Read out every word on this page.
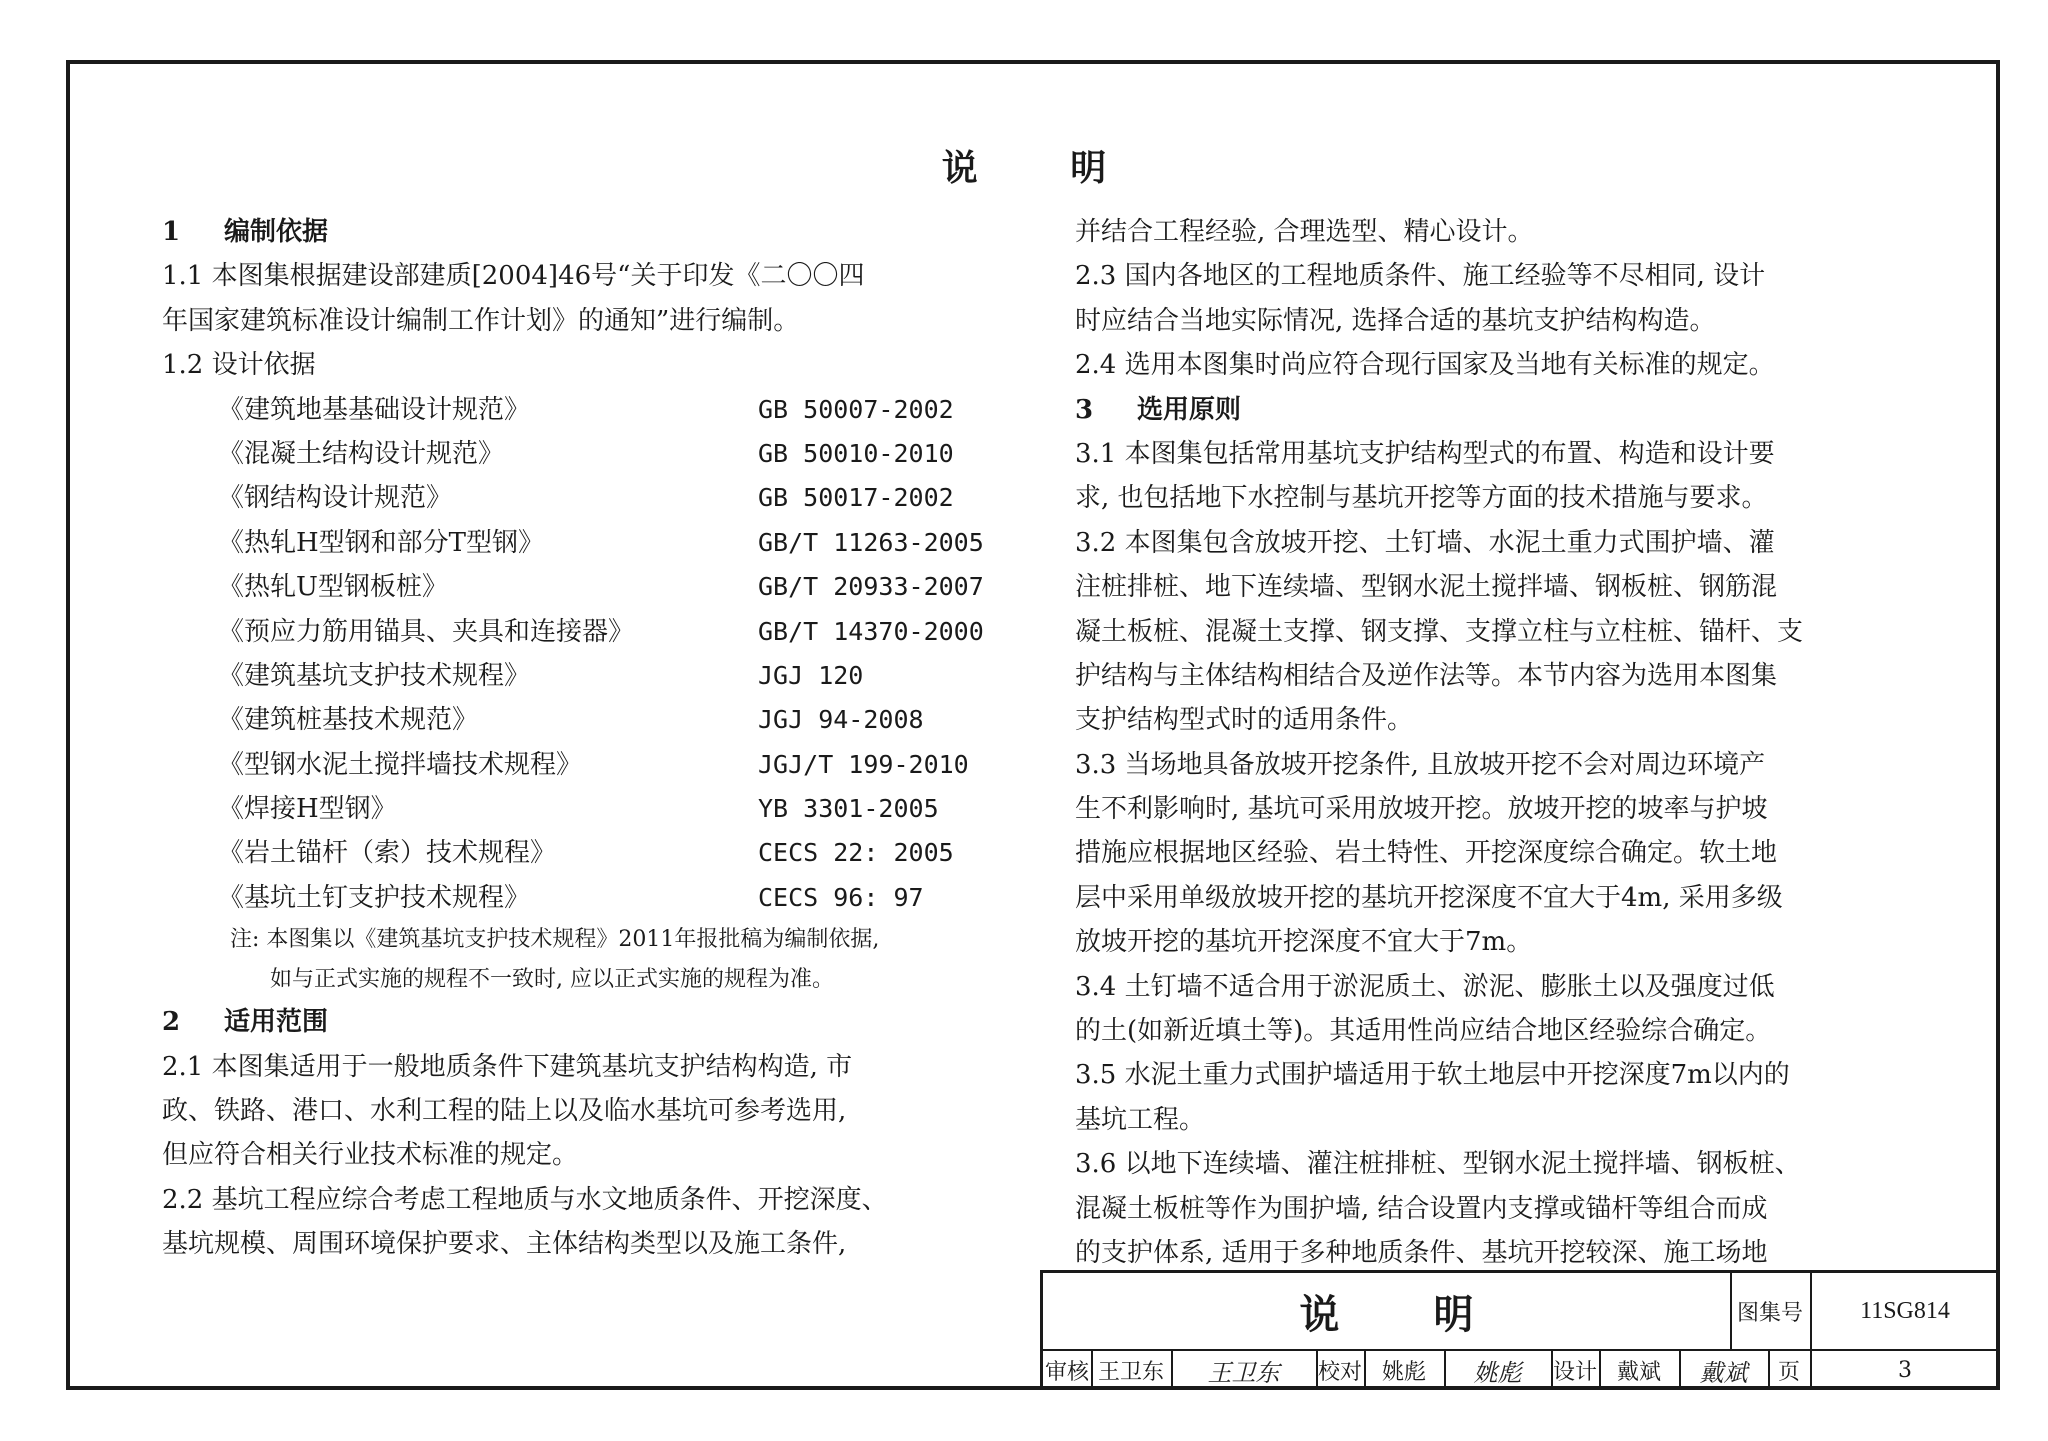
说 明
1 编制依据
1.1 本图集根据建设部建质[2004]46号“关于印发《二〇〇四
年国家建筑标准设计编制工作计划》的通知”进行编制。
1.2 设计依据
《建筑地基基础设计规范》	GB 50007-2002
《混凝土结构设计规范》	GB 50010-2010
《钢结构设计规范》	GB 50017-2002
《热轧H型钢和部分T型钢》	GB/T 11263-2005
《热轧U型钢板桩》	GB/T 20933-2007
《预应力筋用锚具、夹具和连接器》	GB/T 14370-2000
《建筑基坑支护技术规程》	JGJ 120
《建筑桩基技术规范》	JGJ 94-2008
《型钢水泥土搅拌墙技术规程》	JGJ/T 199-2010
《焊接H型钢》	YB 3301-2005
《岩土锚杆（索）技术规程》	CECS 22: 2005
《基坑土钉支护技术规程》	CECS 96: 97
注: 本图集以《建筑基坑支护技术规程》2011年报批稿为编制依据,
如与正式实施的规程不一致时, 应以正式实施的规程为准。
2 适用范围
2.1 本图集适用于一般地质条件下建筑基坑支护结构构造, 市
政、铁路、港口、水利工程的陆上以及临水基坑可参考选用,
但应符合相关行业技术标准的规定。
2.2 基坑工程应综合考虑工程地质与水文地质条件、开挖深度、
基坑规模、周围环境保护要求、主体结构类型以及施工条件,
并结合工程经验, 合理选型、精心设计。
2.3 国内各地区的工程地质条件、施工经验等不尽相同, 设计
时应结合当地实际情况, 选择合适的基坑支护结构构造。
2.4 选用本图集时尚应符合现行国家及当地有关标准的规定。
3 选用原则
3.1 本图集包括常用基坑支护结构型式的布置、构造和设计要
求, 也包括地下水控制与基坑开挖等方面的技术措施与要求。
3.2 本图集包含放坡开挖、土钉墙、水泥土重力式围护墙、灌
注桩排桩、地下连续墙、型钢水泥土搅拌墙、钢板桩、钢筋混
凝土板桩、混凝土支撑、钢支撑、支撑立柱与立柱桩、锚杆、支
护结构与主体结构相结合及逆作法等。本节内容为选用本图集
支护结构型式时的适用条件。
3.3 当场地具备放坡开挖条件, 且放坡开挖不会对周边环境产
生不利影响时, 基坑可采用放坡开挖。放坡开挖的坡率与护坡
措施应根据地区经验、岩土特性、开挖深度综合确定。软土地
层中采用单级放坡开挖的基坑开挖深度不宜大于4m, 采用多级
放坡开挖的基坑开挖深度不宜大于7m。
3.4 土钉墙不适合用于淤泥质土、淤泥、膨胀土以及强度过低
的土(如新近填土等)。其适用性尚应结合地区经验综合确定。
3.5 水泥土重力式围护墙适用于软土地层中开挖深度7m以内的
基坑工程。
3.6 以地下连续墙、灌注桩排桩、型钢水泥土搅拌墙、钢板桩、
混凝土板桩等作为围护墙, 结合设置内支撑或锚杆等组合而成
的支护体系, 适用于多种地质条件、基坑开挖较深、施工场地
说 明	图集号	11SG814
审核 王卫东	王卫东	校对 姚彪	姚彪	设计 戴斌	戴斌	页	3
